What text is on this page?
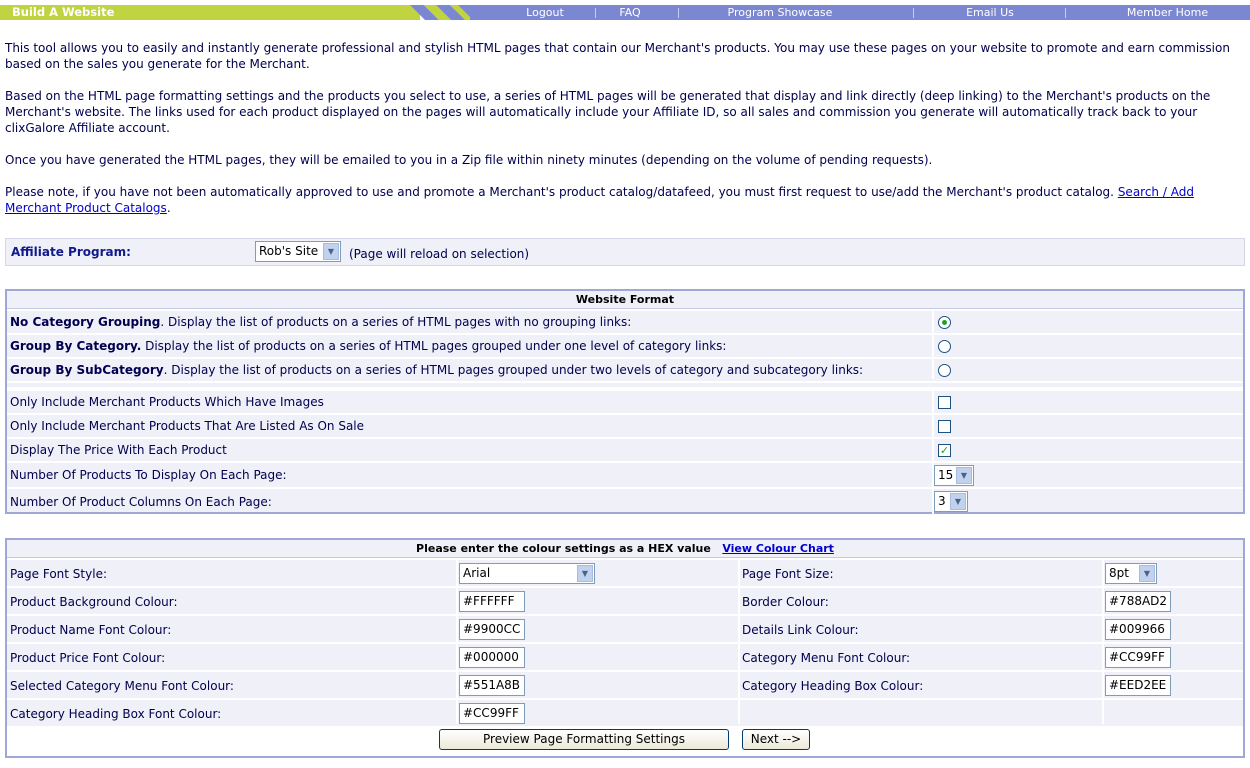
Build A Website	Logout	FAQ	Program Showcase	Email Us	Member Home
This tool allows you to easily and instantly generate professional and stylish HTML pages that contain our Merchant's products. You may use these pages on your website to promote and earn commission based on the sales you generate for the Merchant.
Based on the HTML page formatting settings and the products you select to use, a series of HTML pages will be generated that display and link directly (deep linking) to the Merchant's products on the Merchant's website. The links used for each product displayed on the pages will automatically include your Affiliate ID, so all sales and commission you generate will automatically track back to your clixGalore Affiliate account.
Once you have generated the HTML pages, they will be emailed to you in a Zip file within ninety minutes (depending on the volume of pending requests).
Please note, if you have not been automatically approved to use and promote a Merchant's product catalog/datafeed, you must first request to use/add the Merchant's product catalog. Search / Add Merchant Product Catalogs.
Affiliate Program:	Rob's Site	▼	(Page will reload on selection)
Website Format
No Category Grouping. Display the list of products on a series of HTML pages with no grouping links:
Group By Category. Display the list of products on a series of HTML pages grouped under one level of category links:
Group By SubCategory. Display the list of products on a series of HTML pages grouped under two levels of category and subcategory links:
Only Include Merchant Products Which Have Images
Only Include Merchant Products That Are Listed As On Sale
Display The Price With Each Product	✓
Number Of Products To Display On Each Page:	15 ▼
Number Of Product Columns On Each Page:	3	▼
Please enter the colour settings as a HEX value View Colour Chart
Page Font Style:	Arial	▼	Page Font Size:	8pt	▼
Product Background Colour:	#FFFFFF	Border Colour:	#788AD2
Product Name Font Colour:	#9900CC	Details Link Colour:	#009966
Product Price Font Colour:	#000000	Category Menu Font Colour:	#CC99FF
Selected Category Menu Font Colour:	#551A8B	Category Heading Box Colour:	#EED2EE
Category Heading Box Font Colour:	#CC99FF
Preview Page Formatting Settings	Next -->
